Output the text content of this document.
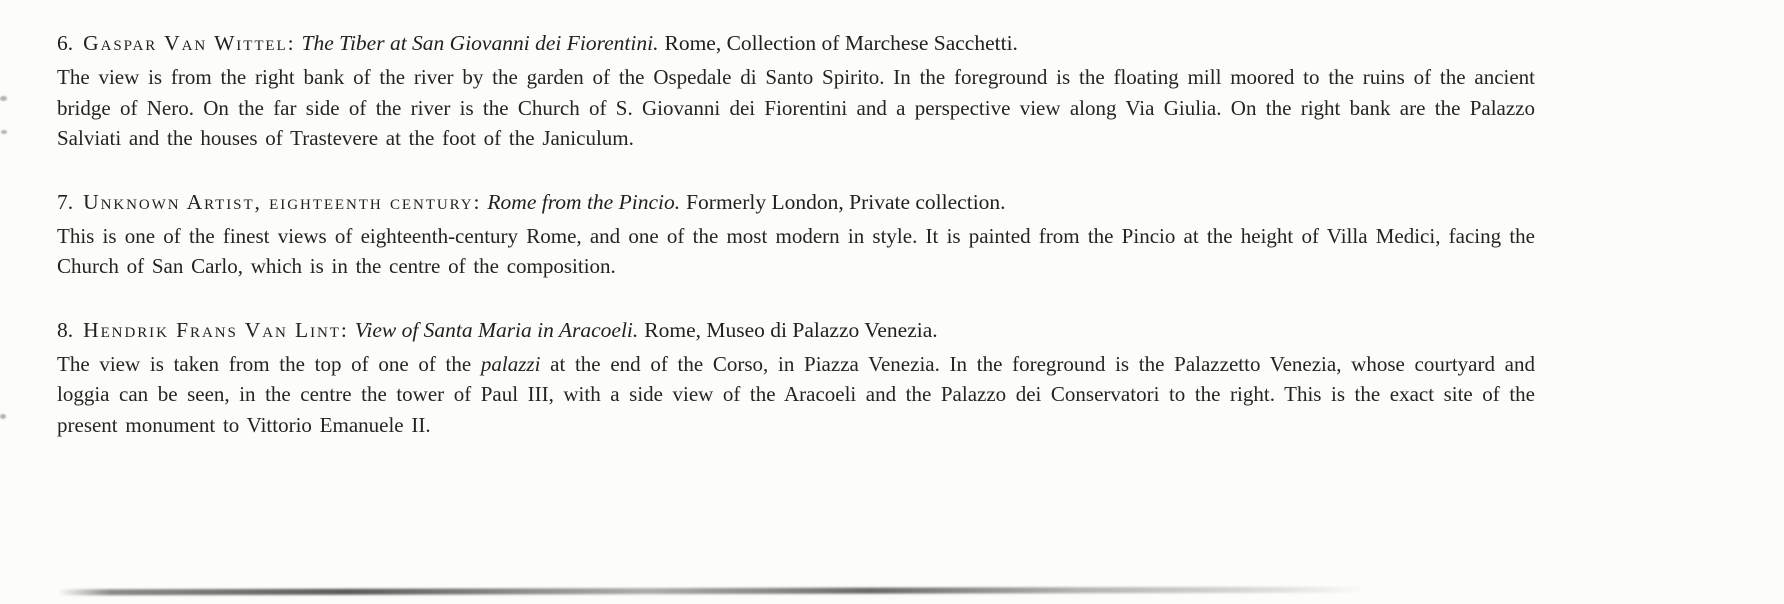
6. Gaspar Van Wittel: The Tiber at San Giovanni dei Fiorentini. Rome, Collection of Marchese Sacchetti.

The view is from the right bank of the river by the garden of the Ospedale di Santo Spirito. In the foreground is the floating mill moored to the ruins of the ancient bridge of Nero. On the far side of the river is the Church of S. Giovanni dei Fiorentini and a perspective view along Via Giulia. On the right bank are the Palazzo Salviati and the houses of Trastevere at the foot of the Janiculum.

7. Unknown Artist, eighteenth century: Rome from the Pincio. Formerly London, Private collection.

This is one of the finest views of eighteenth-century Rome, and one of the most modern in style. It is painted from the Pincio at the height of Villa Medici, facing the Church of San Carlo, which is in the centre of the composition.

8. Hendrik Frans Van Lint: View of Santa Maria in Aracoeli. Rome, Museo di Palazzo Venezia.

The view is taken from the top of one of the palazzi at the end of the Corso, in Piazza Venezia. In the foreground is the Palazzetto Venezia, whose courtyard and loggia can be seen, in the centre the tower of Paul III, with a side view of the Aracoeli and the Palazzo dei Conservatori to the right. This is the exact site of the present monument to Vittorio Emanuele II.
